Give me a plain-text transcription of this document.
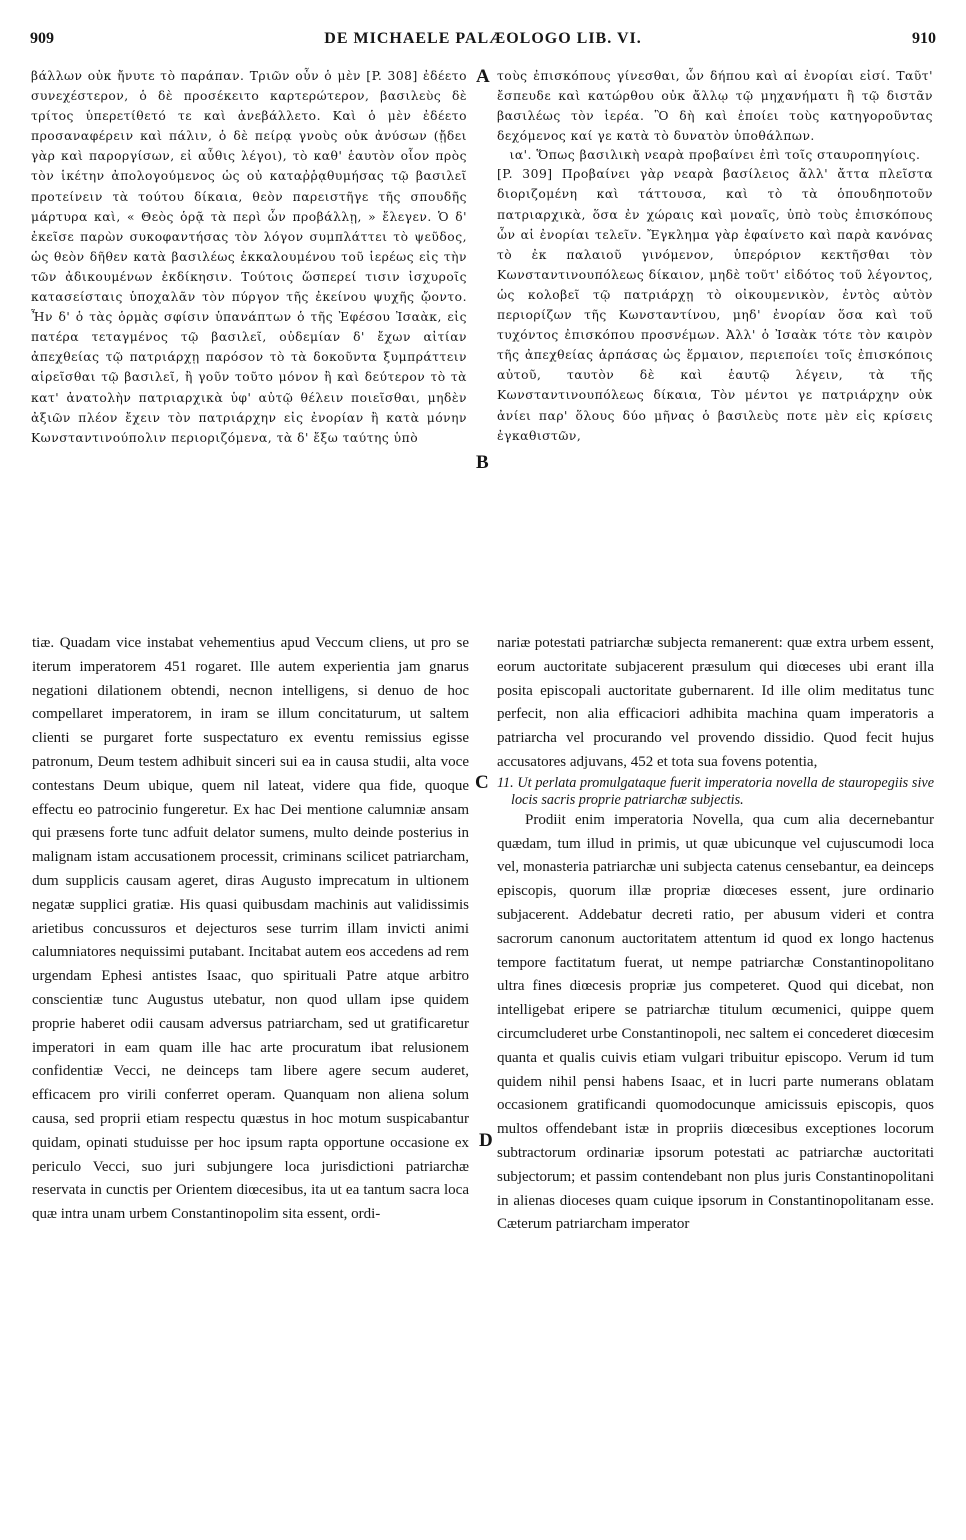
909	DE MICHAELE PALÆOLOGO LIB. VI.	910
A
B
C
D

βάλλων οὐκ ἤνυτε τὸ παράπαν. Τριῶν οὖν ὁ μὲν [P. 308] ἐδέετο συνεχέστερον, ὁ δὲ προσέκειτο καρτερώτερον, βασιλεὺς δὲ τρίτος ὑπερετίθετό τε καὶ ἀνεβάλλετο. Καὶ ὁ μὲν ἐδέετο προσαναφέρειν καὶ πάλιν, ὁ δὲ πείρᾳ γνοὺς οὐκ ἀνύσων (ᾔδει γὰρ καὶ παροργίσων, εἰ αὖθις λέγοι), τὸ καθ' ἑαυτὸν οἷον πρὸς τὸν ἱκέτην ἀπολογούμενος ὡς οὐ καταῤῥᾳθυμήσας τῷ βασιλεῖ προτείνειν τὰ τούτου δίκαια, θεὸν παρειστῆγε τῆς σπουδῆς μάρτυρα καὶ, « Θεὸς ὁρᾷ τὰ περὶ ὧν προβάλλῃ, » ἔλεγεν. Ὁ δ' ἐκεῖσε παρὼν συκοφαντήσας τὸν λόγον συμπλάττει τὸ ψεῦδος, ὡς θεὸν δῆθεν κατὰ βασιλέως ἐκκαλουμένου τοῦ ἱερέως εἰς τὴν τῶν ἀδικουμένων ἐκδίκησιν. Τούτοις ὥσπερεί τισιν ἰσχυροῖς κατασείσταις ὑποχαλᾶν τὸν πύργον τῆς ἐκείνου ψυχῆς ᾤοντο. Ἦν δ' ὁ τὰς ὁρμὰς σφίσιν ὑπανάπτων ὁ τῆς Ἐφέσου Ἰσαὰκ, εἰς πατέρα τεταγμένος τῷ βασιλεῖ, οὐδεμίαν δ' ἔχων αἰτίαν ἀπεχθείας τῷ πατριάρχῃ παρόσον τὸ τὰ δοκοῦντα ξυμπράττειν αἱρεῖσθαι τῷ βασιλεῖ, ἢ γοῦν τοῦτο μόνον ἢ καὶ δεύτερον τὸ τὰ κατ' ἀνατολὴν πατριαρχικὰ ὑφ' αὐτῷ θέλειν ποιεῖσθαι, μηδὲν ἀξιῶν πλέον ἔχειν τὸν πατριάρχην εἰς ἐνορίαν ἢ κατὰ μόνην Κωνσταντινούπολιν περιοριζόμενα, τὰ δ' ἔξω ταύτης ὑπὸ

τοὺς ἐπισκόπους γίνεσθαι, ὧν δήπου καὶ αἱ ἐνορίαι εἰσί. Ταῦτ' ἔσπευδε καὶ κατώρθου οὐκ ἄλλῳ τῷ μηχανήματι ἢ τῷ διστᾶν βασιλέως τὸν ἱερέα. Ὃ δὴ καὶ ἐποίει τοὺς κατηγοροῦντας δεχόμενος καί γε κατὰ τὸ δυνατὸν ὑποθάλπων.

ια'. Ὅπως βασιλικὴ νεαρὰ προβαίνει ἐπὶ τοῖς σταυροπηγίοις.

[P. 309] Προβαίνει γὰρ νεαρὰ βασίλειος ἄλλ' ἄττα πλεῖστα διοριζομένη καὶ τάττουσα, καὶ τὸ τὰ ὁπουδηποτοῦν πατριαρχικὰ, ὅσα ἐν χώραις καὶ μοναῖς, ὑπὸ τοὺς ἐπισκόπους ὧν αἱ ἐνορίαι τελεῖν. Ἔγκλημα γὰρ ἐφαίνετο καὶ παρὰ κανόνας τὸ ἐκ παλαιοῦ γινόμενον, ὑπερόριον κεκτῆσθαι τὸν Κωνσταντινουπόλεως δίκαιον, μηδὲ τοῦτ' εἰδότος τοῦ λέγοντος, ὡς κολοβεῖ τῷ πατριάρχῃ τὸ οἰκουμενικὸν, ἐντὸς αὐτὸν περιορίζων τῆς Κωνσταντίνου, μηδ' ἐνορίαν ὅσα καὶ τοῦ τυχόντος ἐπισκόπου προσνέμων. Ἀλλ' ὁ Ἰσαὰκ τότε τὸν καιρὸν τῆς ἀπεχθείας ἁρπάσας ὡς ἕρμαιον, περιεποίει τοῖς ἐπισκόποις αὐτοῦ, ταυτὸν δὲ καὶ ἑαυτῷ λέγειν, τὰ τῆς Κωνσταντινουπόλεως δίκαια, Τὸν μέντοι γε πατριάρχην οὐκ ἀνίει παρ' ὅλους δύο μῆνας ὁ βασιλεὺς ποτε μὲν εἰς κρίσεις ἐγκαθιστῶν,

tiæ. Quadam vice instabat vehementius apud Veccum cliens, ut pro se iterum imperatorem 451 rogaret. Ille autem experientia jam gnarus negationi dilationem obtendi, necnon intelligens, si denuo de hoc compellaret imperatorem, in iram se illum concitaturum, ut saltem clienti se purgaret forte suspectaturo ex eventu remissius egisse patronum, Deum testem adhibuit sinceri sui ea in causa studii, alta voce contestans Deum ubique, quem nil lateat, videre qua fide, quoque effectu eo patrocinio fungeretur. Ex hac Dei mentione calumniæ ansam qui præsens forte tunc adfuit delator sumens, multo deinde posterius in malignam istam accusationem processit, criminans scilicet patriarcham, dum supplicis causam ageret, diras Augusto imprecatum in ultionem negatæ supplici gratiæ. His quasi quibusdam machinis aut validissimis arietibus concussuros et dejecturos sese turrim illam invicti animi calumniatores nequissimi putabant. Incitabat autem eos accedens ad rem urgendam Ephesi antistes Isaac, quo spirituali Patre atque arbitro conscientiæ tunc Augustus utebatur, non quod ullam ipse quidem proprie haberet odii causam adversus patriarcham, sed ut gratificaretur imperatori in eam quam ille hac arte procuratum ibat relusionem confidentiæ Vecci, ne deinceps tam libere agere secum auderet, efficacem pro virili conferret operam. Quanquam non aliena solum causa, sed proprii etiam respectu quæstus in hoc motum suspicabantur quidam, opinati studuisse per hoc ipsum rapta opportune occasione ex periculo Vecci, suo juri subjungere loca jurisdictioni patriarchæ reservata in cunctis per Orientem diœcesibus, ita ut ea tantum sacra loca quæ intra unam urbem Constantinopolim sita essent, ordi-

nariæ potestati patriarchæ subjecta remanerent: quæ extra urbem essent, eorum auctoritate subjacerent præsulum qui diœceses ubi erant illa posita episcopali auctoritate gubernarent. Id ille olim meditatus tunc perfecit, non alia efficaciori adhibita machina quam imperatoris a patriarcha vel procurando vel provendo dissidio. Quod fecit hujus accusatores adjuvans, 452 et tota sua fovens potentia,

11. Ut perlata promulgataque fuerit imperatoria novella de stauropegiis sive locis sacris proprie patriarchæ subjectis.

Prodiit enim imperatoria Novella, qua cum alia decernebantur quædam, tum illud in primis, ut quæ ubicunque vel cujuscumodi loca vel, monasteria patriarchæ uni subjecta catenus censebantur, ea deinceps episcopis, quorum illæ propriæ diœceses essent, jure ordinario subjacerent. Addebatur decreti ratio, per abusum videri et contra sacrorum canonum auctoritatem attentum id quod ex longo hactenus tempore factitatum fuerat, ut nempe patriarchæ Constantinopolitano ultra fines diœcesis propriæ jus competeret. Quod qui dicebat, non intelligebat eripere se patriarchæ titulum œcumenici, quippe quem circumcluderet urbe Constantinopoli, nec saltem ei concederet diœcesim quanta et qualis cuivis etiam vulgari tribuitur episcopo. Verum id tum quidem nihil pensi habens Isaac, et in lucri parte numerans oblatam occasionem gratificandi quomodocunque amicissuis episcopis, quos multos offendebant istæ in propriis diœcesibus exceptiones locorum subtractorum ordinariæ ipsorum potestati ac patriarchæ auctoritati subjectorum; et passim contendebant non plus juris Constantinopolitani in alienas dioceses quam cuique ipsorum in Constantinopolitanam esse. Cæterum patriarcham imperator
